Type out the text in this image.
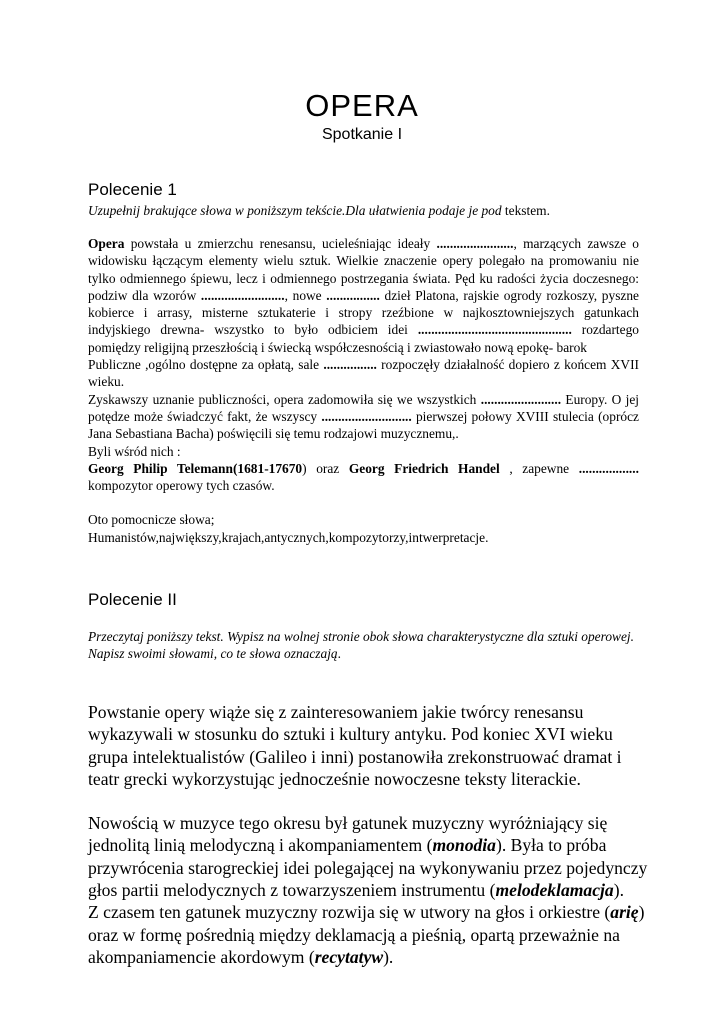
OPERA
Spotkanie I
Polecenie 1
Uzupełnij brakujące słowa w poniższym tekście.Dla ułatwienia podaje je pod tekstem.

Opera powstała u zmierzchu renesansu, ucieleśniając ideały ......................., marzących zawsze o widowisku łączącym elementy wielu sztuk. Wielkie znaczenie opery polegało na promowaniu nie tylko odmiennego śpiewu, lecz i odmiennego postrzegania świata. Pęd ku radości życia doczesnego: podziw dla wzorów ........................., nowe ................ dzieł Platona, rajskie ogrody rozkoszy, pyszne kobierce i arrasy, misterne sztukaterie i stropy rzeźbione w najkosztowniejszych gatunkach indyjskiego drewna- wszystko to było odbiciem idei .............................................. rozdartego pomiędzy religijną przeszłością i świecką współczesnością i zwiastowało nową epokę- barok

Publiczne ,ogólno dostępne za opłatą, sale ................ rozpoczęły działalność dopiero z końcem XVII wieku.

Zyskawszy uznanie publiczności, opera zadomowiła się we wszystkich ........................ Europy. O jej potędze może świadczyć fakt, że wszyscy ........................... pierwszej połowy XVIII stulecia (oprócz Jana Sebastiana Bacha) poświęcili się temu rodzajowi muzycznemu,.

Byli wśród nich :

Georg Philip Telemann(1681-17670) oraz Georg Friedrich Handel , zapewne .................. kompozytor operowy tych czasów.

Oto pomocnicze słowa;

Humanistów,największy,krajach,antycznych,kompozytorzy,intwerpretacje.

Polecenie II
Przeczytaj poniższy tekst. Wypisz na wolnej stronie obok słowa charakterystyczne dla sztuki operowej.
Napisz swoimi słowami, co te słowa oznaczają.

Powstanie opery wiąże się z zainteresowaniem jakie twórcy renesansu wykazywali w stosunku do sztuki i kultury antyku. Pod koniec XVI wieku grupa intelektualistów (Galileo i inni) postanowiła zrekonstruować dramat i teatr grecki wykorzystując jednocześnie nowoczesne teksty literackie.

Nowością w muzyce tego okresu był gatunek muzyczny wyróżniający się jednolitą linią melodyczną i akompaniamentem (monodia). Była to próba przywrócenia starogreckiej idei polegającej na wykonywaniu przez pojedynczy głos partii melodycznych z towarzyszeniem instrumentu (melodeklamacja).
Z czasem ten gatunek muzyczny rozwija się w utwory na głos i orkiestre (arię) oraz w formę pośrednią między deklamacją a pieśnią, opartą przeważnie na akompaniamencie akordowym (recytatyw).
